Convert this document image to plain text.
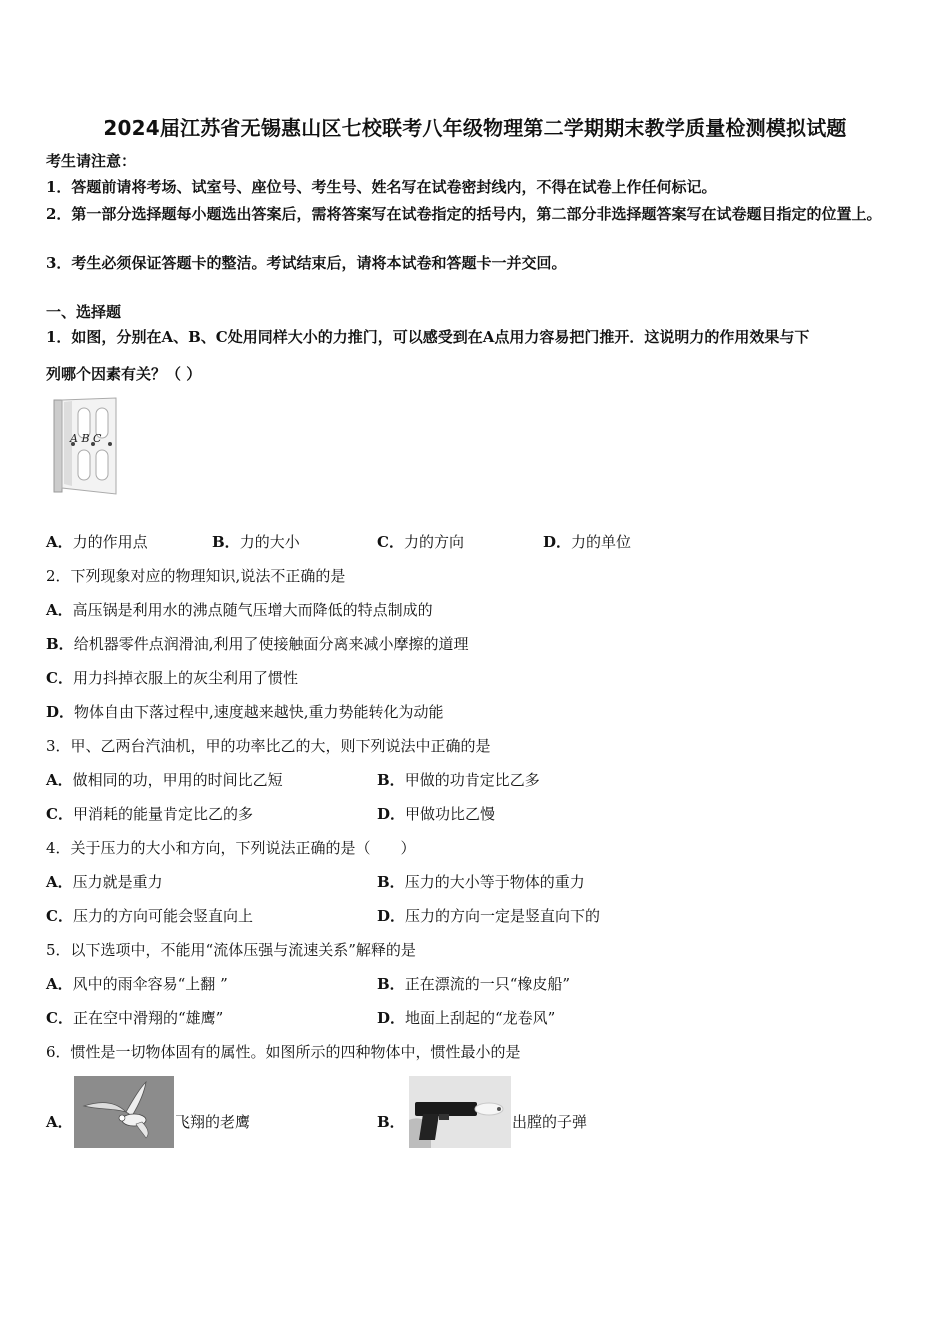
2024届江苏省无锡惠山区七校联考八年级物理第二学期期末教学质量检测模拟试题
考生请注意：
1．答题前请将考场、试室号、座位号、考生号、姓名写在试卷密封线内，不得在试卷上作任何标记。
2．第一部分选择题每小题选出答案后，需将答案写在试卷指定的括号内，第二部分非选择题答案写在试卷题目指定的位置上。
3．考生必须保证答题卡的整洁。考试结束后，请将本试卷和答题卡一并交回。
一、选择题
1．如图，分别在A、B、C处用同样大小的力推门，可以感受到在A点用力容易把门推开．这说明力的作用效果与下
列哪个因素有关？（ ）
A B C
A．力的作用点	B．力的大小	C．力的方向	D．力的单位
2．下列现象对应的物理知识,说法不正确的是
A．高压锅是利用水的沸点随气压增大而降低的特点制成的
B．给机器零件点润滑油,利用了使接触面分离来减小摩擦的道理
C．用力抖掉衣服上的灰尘利用了惯性
D．物体自由下落过程中,速度越来越快,重力势能转化为动能
3．甲、乙两台汽油机，甲的功率比乙的大，则下列说法中正确的是
A．做相同的功，甲用的时间比乙短	B．甲做的功肯定比乙多
C．甲消耗的能量肯定比乙的多	D．甲做功比乙慢
4．关于压力的大小和方向，下列说法正确的是（　　）
A．压力就是重力	B．压力的大小等于物体的重力
C．压力的方向可能会竖直向上	D．压力的方向一定是竖直向下的
5．以下选项中，不能用“流体压强与流速关系”解释的是
A．风中的雨伞容易“上翻 ”	B．正在漂流的一只“橡皮船”
C．正在空中滑翔的“雄鹰”	D．地面上刮起的“龙卷风”
6．惯性是一切物体固有的属性。如图所示的四种物体中，惯性最小的是
A．	飞翔的老鹰	B．	出膛的子弹
